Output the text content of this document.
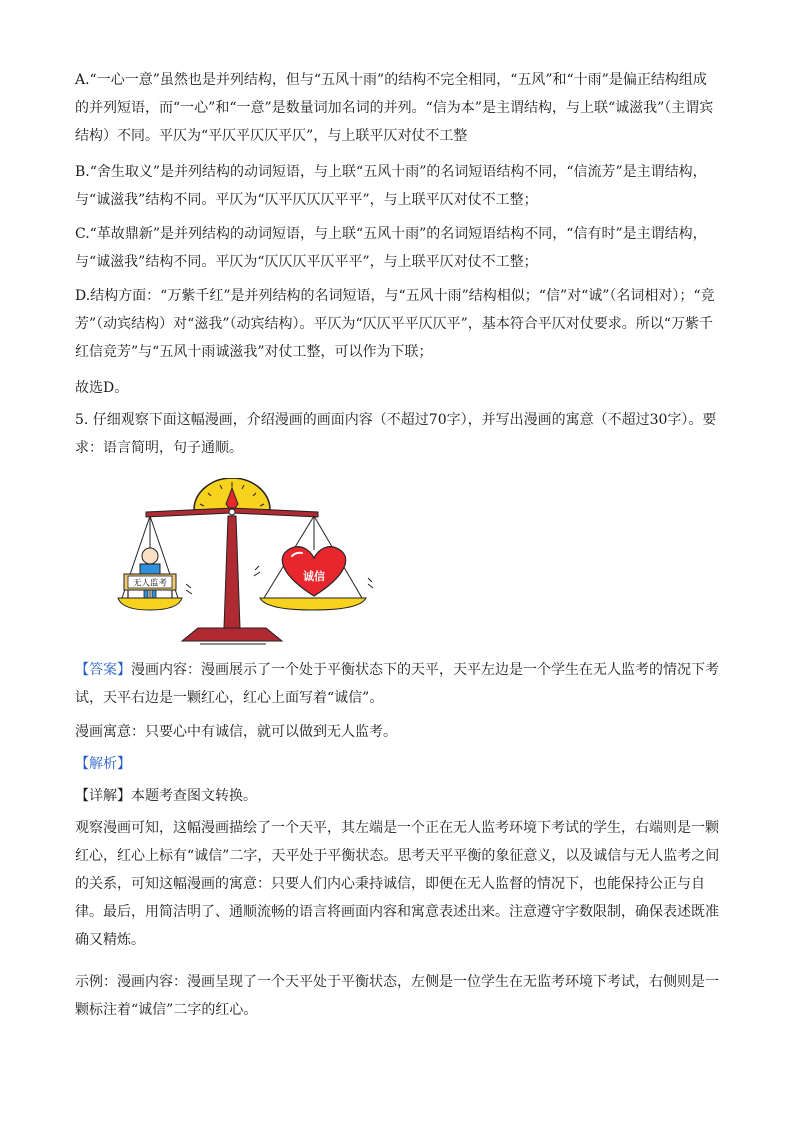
A.“一心一意”虽然也是并列结构，但与“五风十雨”的结构不完全相同，“五风”和“十雨”是偏正结构组成的并列短语，而“一心”和“一意”是数量词加名词的并列。“信为本”是主谓结构，与上联“诚滋我”（主谓宾结构）不同。平仄为“平仄平仄仄平仄”，与上联平仄对仗不工整

B.“舍生取义”是并列结构的动词短语，与上联“五风十雨”的名词短语结构不同，“信流芳”是主谓结构，与“诚滋我”结构不同。平仄为“仄平仄仄仄平平”，与上联平仄对仗不工整；

C.“革故鼎新”是并列结构的动词短语，与上联“五风十雨”的名词短语结构不同，“信有时”是主谓结构，与“诚滋我”结构不同。平仄为“仄仄仄平仄平平”，与上联平仄对仗不工整；

D.结构方面：“万紫千红”是并列结构的名词短语，与“五风十雨”结构相似；“信”对“诚”（名词相对）；“竞芳”（动宾结构）对“滋我”（动宾结构）。平仄为“仄仄平平仄仄平”，基本符合平仄对仗要求。所以“万紫千红信竞芳”与“五风十雨诚滋我”对仗工整，可以作为下联；

故选D。

5. 仔细观察下面这幅漫画，介绍漫画的画面内容（不超过70字），并写出漫画的寓意（不超过30字）。要求：语言简明，句子通顺。

无人监考
诚信

【答案】漫画内容：漫画展示了一个处于平衡状态下的天平，天平左边是一个学生在无人监考的情况下考试，天平右边是一颗红心，红心上面写着“诚信”。

漫画寓意：只要心中有诚信，就可以做到无人监考。

【解析】

【详解】本题考查图文转换。

观察漫画可知，这幅漫画描绘了一个天平，其左端是一个正在无人监考环境下考试的学生，右端则是一颗红心，红心上标有“诚信”二字，天平处于平衡状态。思考天平平衡的象征意义，以及诚信与无人监考之间的关系，可知这幅漫画的寓意：只要人们内心秉持诚信，即便在无人监督的情况下，也能保持公正与自律。最后，用简洁明了、通顺流畅的语言将画面内容和寓意表述出来。注意遵守字数限制，确保表述既准确又精炼。

示例：漫画内容：漫画呈现了一个天平处于平衡状态，左侧是一位学生在无监考环境下考试，右侧则是一颗标注着“诚信”二字的红心。
